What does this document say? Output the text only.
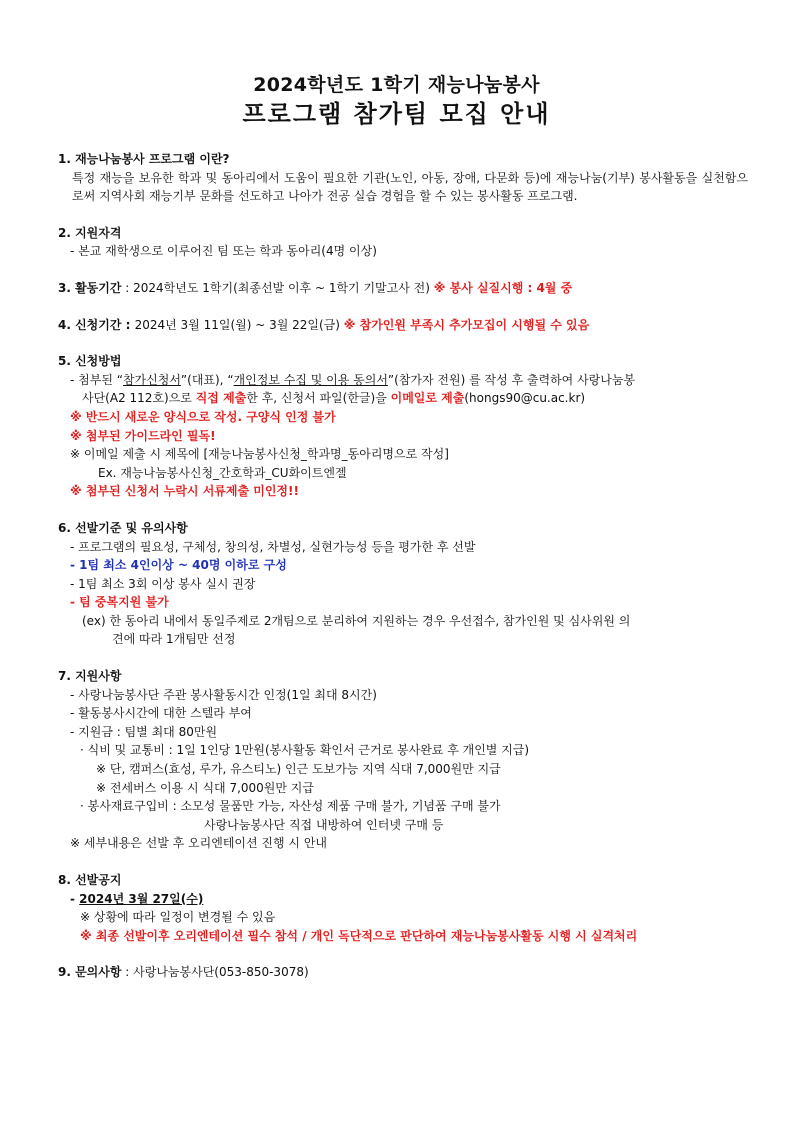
2024학년도 1학기 재능나눔봉사
프로그램 참가팀 모집 안내
1. 재능나눔봉사 프로그램 이란?
특정 재능을 보유한 학과 및 동아리에서 도움이 필요한 기관(노인, 아동, 장애, 다문화 등)에 재능나눔(기부) 봉사활동을 실천함으로써 지역사회 재능기부 문화를 선도하고 나아가 전공 실습 경험을 할 수 있는 봉사활동 프로그램.
2. 지원자격
- 본교 재학생으로 이루어진 팀 또는 학과 동아리(4명 이상)
3. 활동기간 : 2024학년도 1학기(최종선발 이후 ~ 1학기 기말고사 전) ※ 봉사 실질시행 : 4월 중
4. 신청기간 : 2024년 3월 11일(월) ~ 3월 22일(금) ※ 참가인원 부족시 추가모집이 시행될 수 있음
5. 신청방법
- 첨부된 “참가신청서”(대표), “개인정보 수집 및 이용 동의서”(참가자 전원) 를 작성 후 출력하여 사랑나눔봉
사단(A2 112호)으로 직접 제출한 후, 신청서 파일(한글)을 이메일로 제출(hongs90@cu.ac.kr)
※ 반드시 새로운 양식으로 작성. 구양식 인정 불가
※ 첨부된 가이드라인 필독!
※ 이메일 제출 시 제목에 [재능나눔봉사신청_학과명_동아리명으로 작성]
Ex. 재능나눔봉사신청_간호학과_CU화이트엔젤
※ 첨부된 신청서 누락시 서류제출 미인정!!
6. 선발기준 및 유의사항
- 프로그램의 필요성, 구체성, 창의성, 차별성, 실현가능성 등을 평가한 후 선발
- 1팀 최소 4인이상 ~ 40명 이하로 구성
- 1팀 최소 3회 이상 봉사 실시 권장
- 팀 중복지원 불가
(ex) 한 동아리 내에서 동일주제로 2개팀으로 분리하여 지원하는 경우 우선접수, 참가인원 및 심사위원 의
견에 따라 1개팀만 선정
7. 지원사항
- 사랑나눔봉사단 주관 봉사활동시간 인정(1일 최대 8시간)
- 활동봉사시간에 대한 스텔라 부여
- 지원금 : 팀별 최대 80만원
· 식비 및 교통비 : 1일 1인당 1만원(봉사활동 확인서 근거로 봉사완료 후 개인별 지급)
※ 단, 캠퍼스(효성, 루가, 유스티노) 인근 도보가능 지역 식대 7,000원만 지급
※ 전세버스 이용 시 식대 7,000원만 지급
· 봉사재료구입비 : 소모성 물품만 가능, 자산성 제품 구매 불가, 기념품 구매 불가
사랑나눔봉사단 직접 내방하여 인터넷 구매 등
※ 세부내용은 선발 후 오리엔테이션 진행 시 안내
8. 선발공지
- 2024년 3월 27일(수)
※ 상황에 따라 일정이 변경될 수 있음
※ 최종 선발이후 오리엔테이션 필수 참석 / 개인 독단적으로 판단하여 재능나눔봉사활동 시행 시 실격처리
9. 문의사항 : 사랑나눔봉사단(053-850-3078)
